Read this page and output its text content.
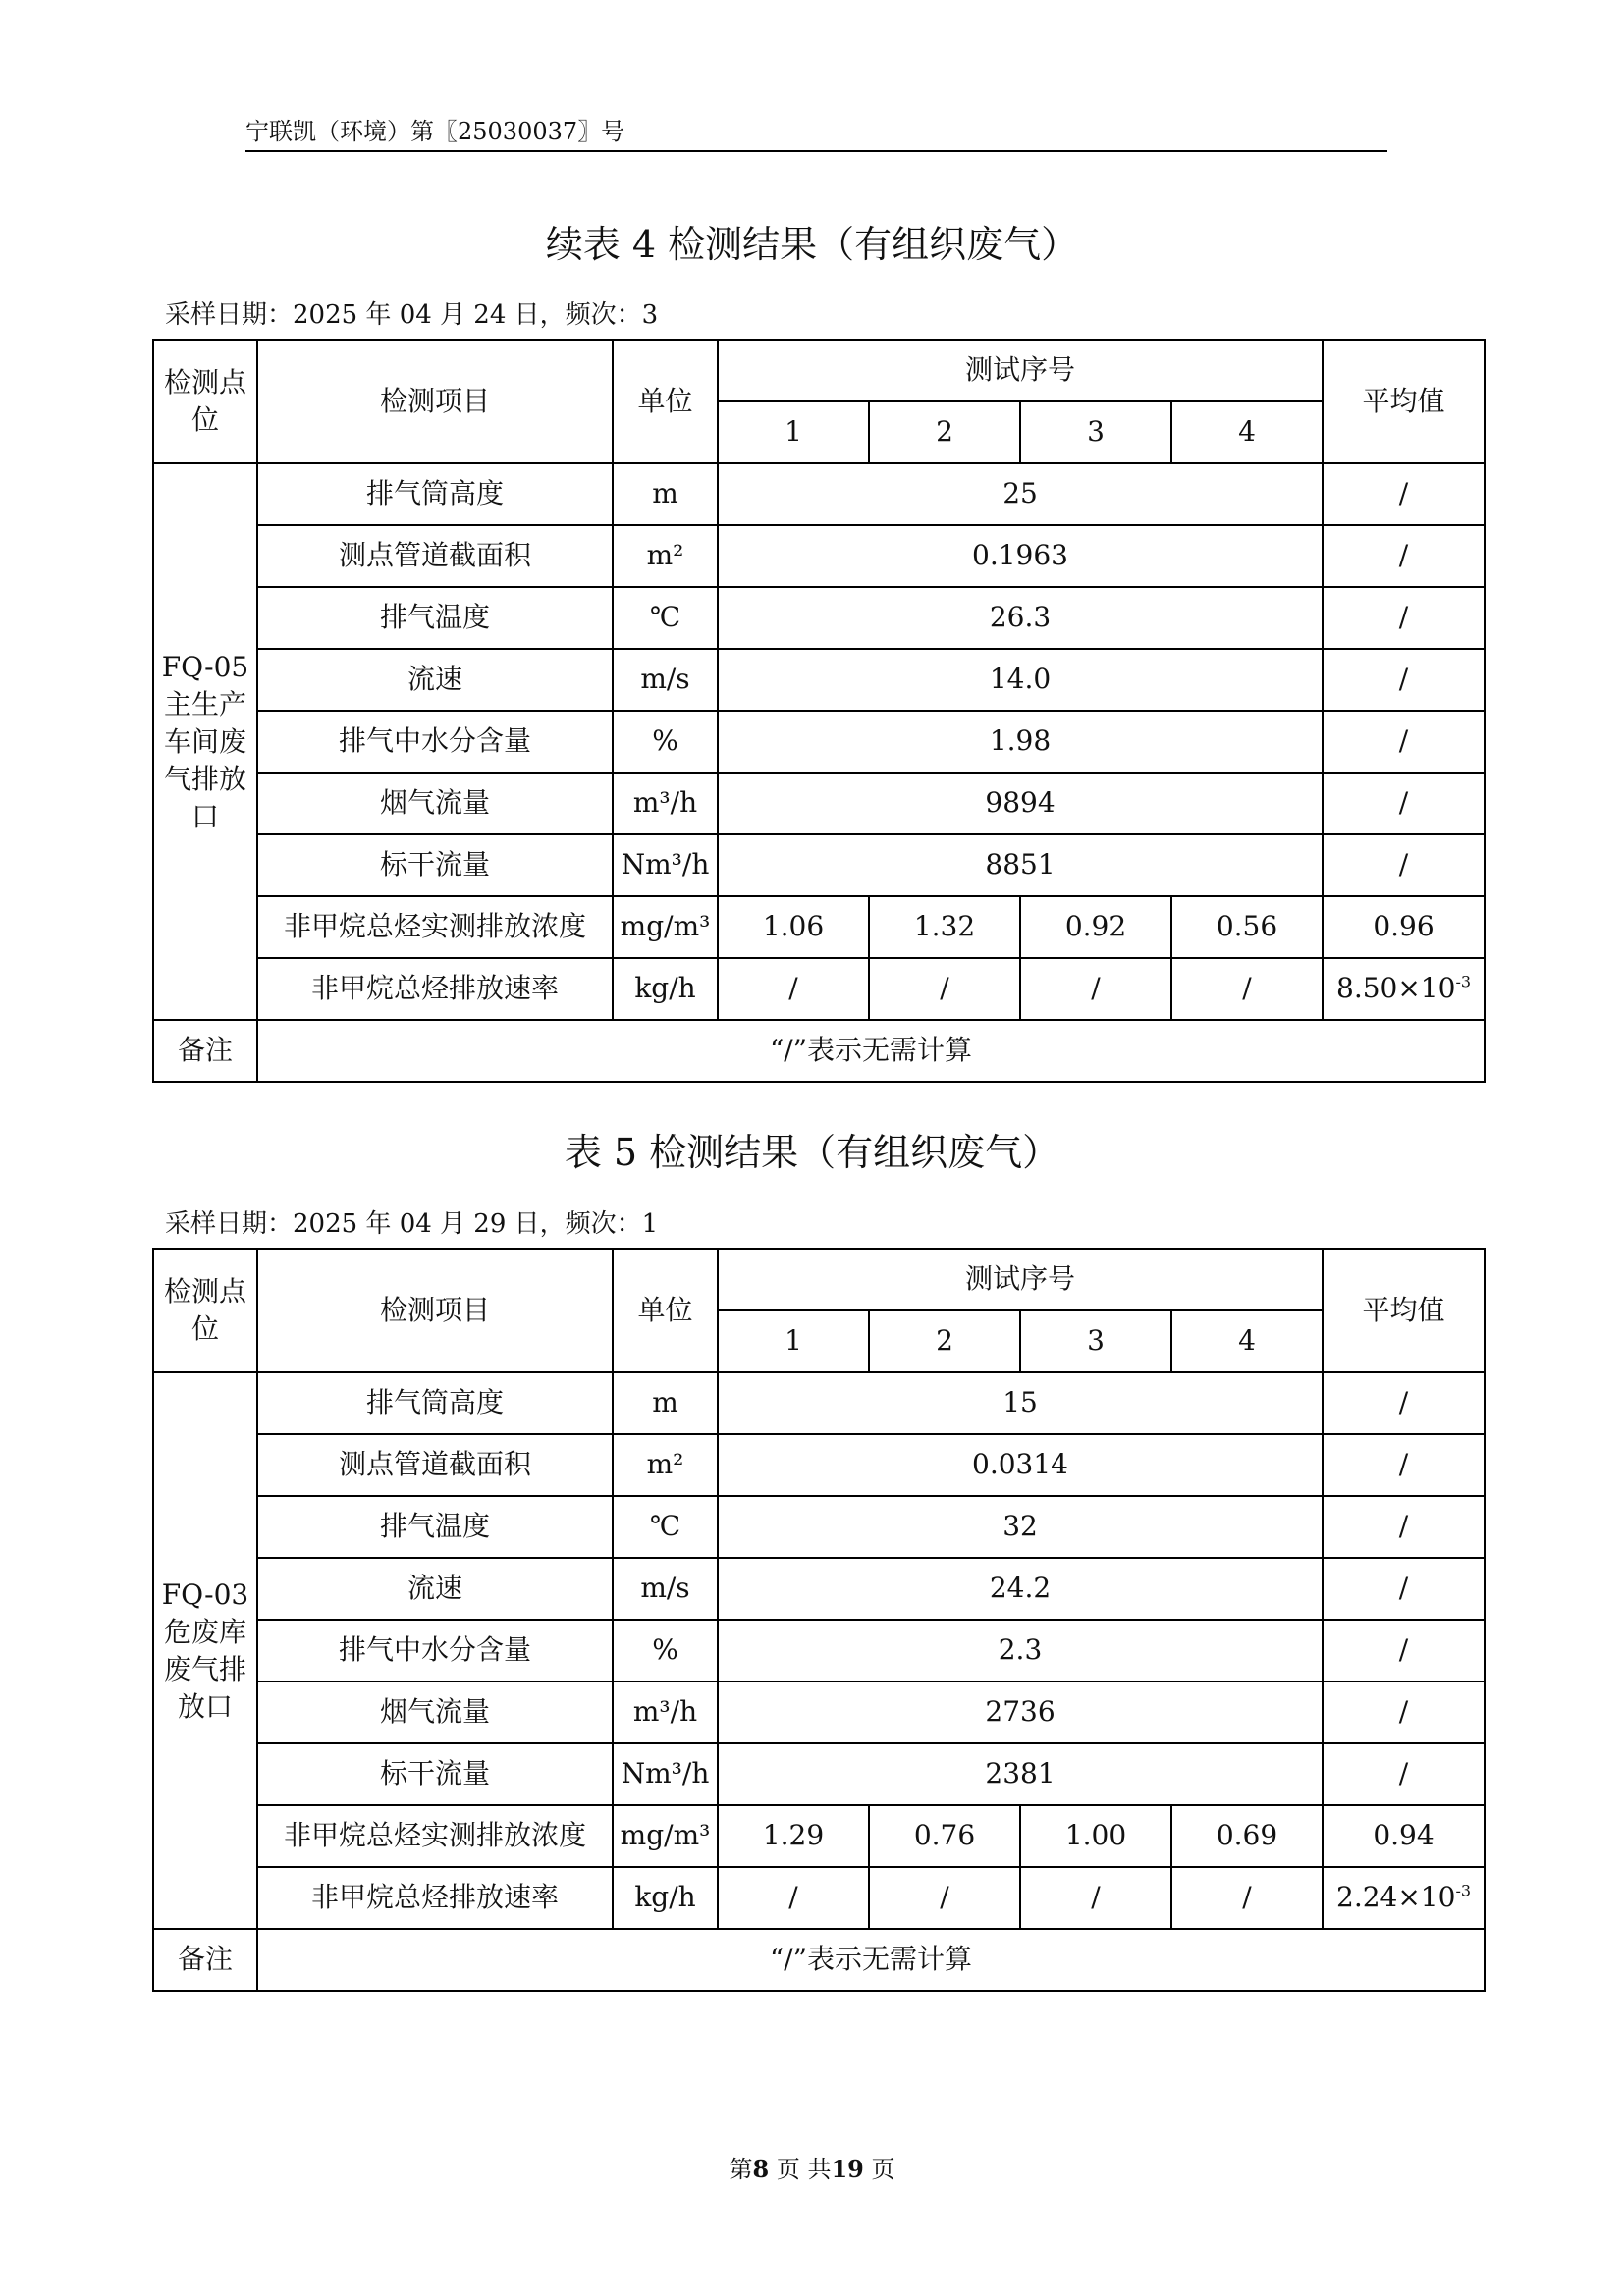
宁联凯（环境）第〖25030037〗号
续表 4 检测结果（有组织废气）
采样日期：2025 年 04 月 24 日，频次：3
检测点位	检测项目	单位	测试序号				平均值
			1	2	3	4	
FQ-05主生产车间废气排放口	排气筒高度	m	25				/
	测点管道截面积	m²	0.1963				/
	排气温度	℃	26.3				/
	流速	m/s	14.0				/
	排气中水分含量	%	1.98				/
	烟气流量	m³/h	9894				/
	标干流量	Nm³/h	8851				/
	非甲烷总烃实测排放浓度	mg/m³	1.06	1.32	0.92	0.56	0.96
	非甲烷总烃排放速率	kg/h	/	/	/	/	$8.50\times 10^{-3}$
备注	“/”表示无需计算						
表 5 检测结果（有组织废气）
采样日期：2025 年 04 月 29 日，频次：1
检测点位	检测项目	单位	测试序号				平均值
			1	2	3	4	
FQ-03危废库废气排放口	排气筒高度	m	15				/
	测点管道截面积	m²	0.0314				/
	排气温度	℃	32				/
	流速	m/s	24.2				/
	排气中水分含量	%	2.3				/
	烟气流量	m³/h	2736				/
	标干流量	Nm³/h	2381				/
	非甲烷总烃实测排放浓度	mg/m³	1.29	0.76	1.00	0.69	0.94
	非甲烷总烃排放速率	kg/h	/	/	/	/	$2.24\times 10^{-3}$
备注	“/”表示无需计算						
第8 页 共19 页
